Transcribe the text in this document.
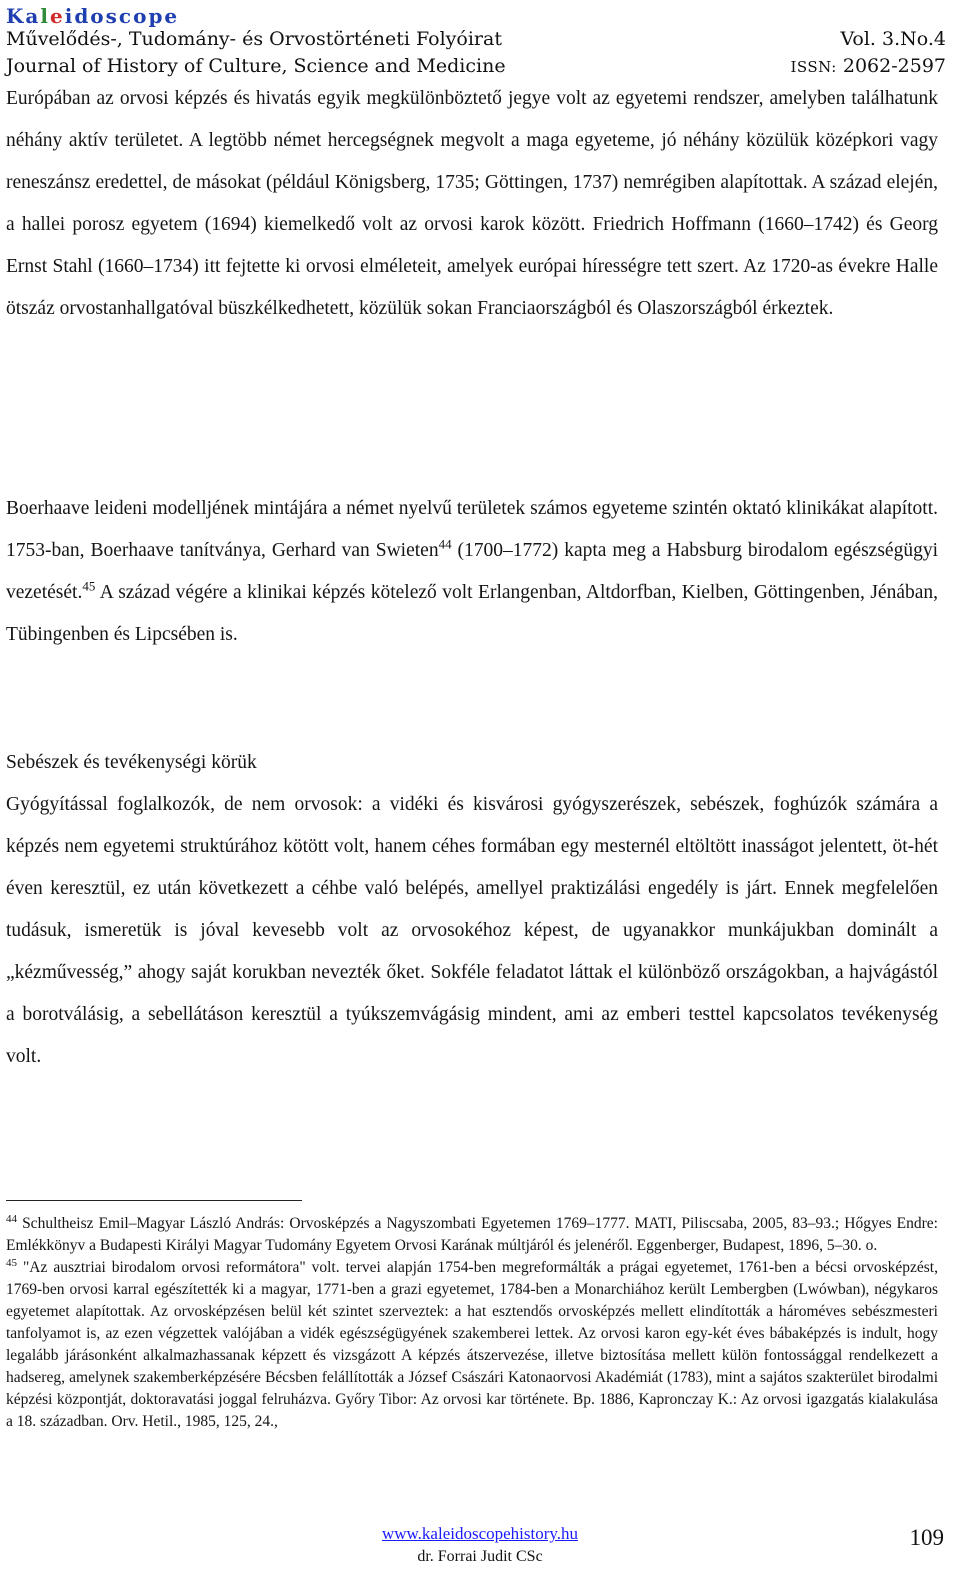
Kaleidoscope
Művelődés-, Tudomány- és Orvostörténeti Folyóirat
Journal of History of Culture, Science and Medicine
Vol. 3.No.4
ISSN: 2062-2597
Európában az orvosi képzés és hivatás egyik megkülönböztető jegye volt az egyetemi rendszer, amelyben találhatunk néhány aktív területet. A legtöbb német hercegségnek megvolt a maga egyeteme, jó néhány közülük középkori vagy reneszánsz eredettel, de másokat (például Königsberg, 1735; Göttingen, 1737) nemrégiben alapítottak. A század elején, a hallei porosz egyetem (1694) kiemelkedő volt az orvosi karok között. Friedrich Hoffmann (1660–1742) és Georg Ernst Stahl (1660–1734) itt fejtette ki orvosi elméleteit, amelyek európai hírességre tett szert. Az 1720-as évekre Halle ötszáz orvostanhallgatóval büszkélkedhetett, közülük sokan Franciaországból és Olaszországból érkeztek.
Boerhaave leideni modelljének mintájára a német nyelvű területek számos egyeteme szintén oktató klinikákat alapított. 1753-ban, Boerhaave tanítványa, Gerhard van Swieten$^{44}$ (1700–1772) kapta meg a Habsburg birodalom egészségügyi vezetését.$^{45}$ A század végére a klinikai képzés kötelező volt Erlangenban, Altdorfban, Kielben, Göttingenben, Jénában, Tübingenben és Lipcsében is.
Sebészek és tevékenységi körük
Gyógyítással foglalkozók, de nem orvosok: a vidéki és kisvárosi gyógyszerészek, sebészek, foghúzók számára a képzés nem egyetemi struktúrához kötött volt, hanem céhes formában egy mesternél eltöltött inasságot jelentett, öt-hét éven keresztül, ez után következett a céhbe való belépés, amellyel praktizálási engedély is járt. Ennek megfelelően tudásuk, ismeretük is jóval kevesebb volt az orvosokéhoz képest, de ugyanakkor munkájukban dominált a „kézművesség,” ahogy saját korukban nevezték őket. Sokféle feladatot láttak el különböző országokban, a hajvágástól a borotválásig, a sebellátáson keresztül a tyúkszemvágásig mindent, ami az emberi testtel kapcsolatos tevékenység volt.
$^{44}$ Schultheisz Emil–Magyar László András: Orvosképzés a Nagyszombati Egyetemen 1769–1777. MATI, Piliscsaba, 2005, 83–93.; Hőgyes Endre: Emlékkönyv a Budapesti Királyi Magyar Tudomány Egyetem Orvosi Karának múltjáról és jelenéről. Eggenberger, Budapest, 1896, 5–30. o.
$^{45}$ "Az ausztriai birodalom orvosi reformátora" volt. tervei alapján 1754-ben megreformálták a prágai egyetemet, 1761-ben a bécsi orvosképzést, 1769-ben orvosi karral egészítették ki a magyar, 1771-ben a grazi egyetemet, 1784-ben a Monarchiához került Lembergben (Lwówban), négykaros egyetemet alapítottak. Az orvosképzésen belül két szintet szerveztek: a hat esztendős orvosképzés mellett elindították a hároméves sebészmesteri tanfolyamot is, az ezen végzettek valójában a vidék egészségügyének szakemberei lettek. Az orvosi karon egy-két éves bábaképzés is indult, hogy legalább járásonként alkalmazhassanak képzett és vizsgázott A képzés átszervezése, illetve biztosítása mellett külön fontossággal rendelkezett a hadsereg, amelynek szakemberképzésére Bécsben felállították a József Császári Katonaorvosi Akadémiát (1783), mint a sajátos szakterület birodalmi képzési központját, doktoravatási joggal felruházva. Győry Tibor: Az orvosi kar története. Bp. 1886, Kapronczay K.: Az orvosi igazgatás kialakulása a 18. században. Orv. Hetil., 1985, 125, 24.,
www.kaleidoscopehistory.hu
dr. Forrai Judit CSc
109
